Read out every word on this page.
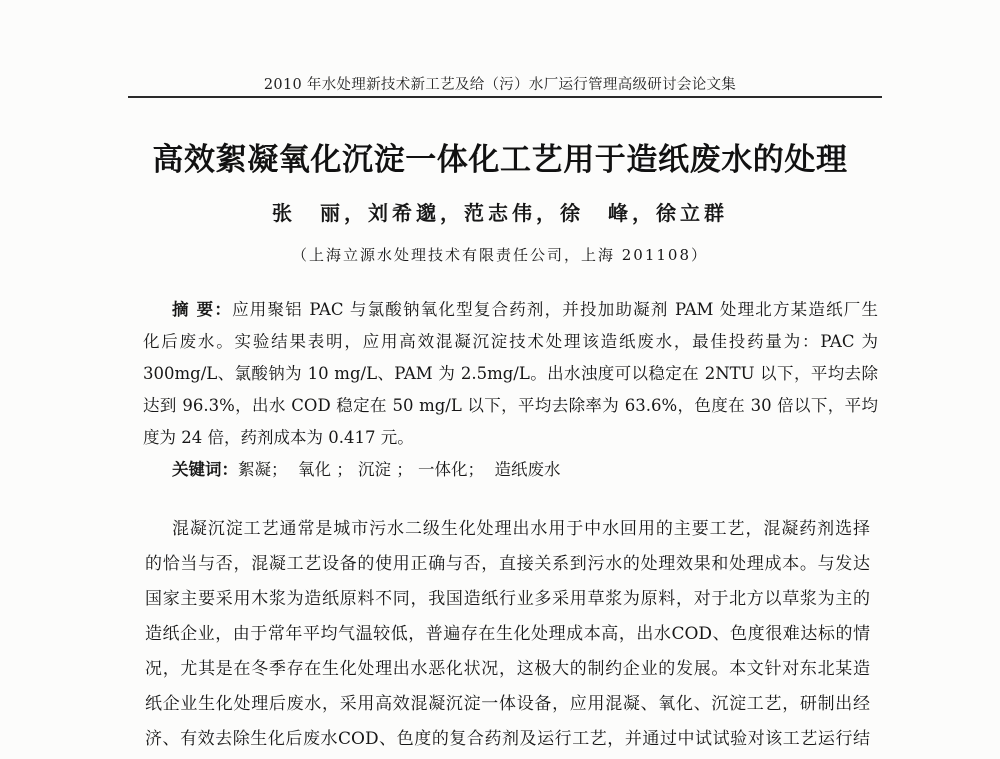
2010 年水处理新技术新工艺及给（污）水厂运行管理高级研讨会论文集
高效絮凝氧化沉淀一体化工艺用于造纸废水的处理
张　丽，刘希邈，范志伟，徐　峰，徐立群
（上海立源水处理技术有限责任公司，上海 201108）
摘 要：应用聚铝 PAC 与氯酸钠氧化型复合药剂，并投加助凝剂 PAM 处理北方某造纸厂生
化后废水。实验结果表明，应用高效混凝沉淀技术处理该造纸废水，最佳投药量为：PAC 为
300mg/L、氯酸钠为 10 mg/L、PAM 为 2.5mg/L。出水浊度可以稳定在 2NTU 以下，平均去除
达到 96.3%，出水 COD 稳定在 50 mg/L 以下，平均去除率为 63.6%，色度在 30 倍以下，平均
度为 24 倍，药剂成本为 0.417 元。
关键词：絮凝；  氧化 ； 沉淀 ； 一体化；  造纸废水
混凝沉淀工艺通常是城市污水二级生化处理出水用于中水回用的主要工艺，混凝药剂选择
的恰当与否，混凝工艺设备的使用正确与否，直接关系到污水的处理效果和处理成本。与发达
国家主要采用木浆为造纸原料不同，我国造纸行业多采用草浆为原料，对于北方以草浆为主的
造纸企业，由于常年平均气温较低，普遍存在生化处理成本高，出水COD、色度很难达标的情
况，尤其是在冬季存在生化处理出水恶化状况，这极大的制约企业的发展。本文针对东北某造
纸企业生化处理后废水，采用高效混凝沉淀一体设备，应用混凝、氧化、沉淀工艺，研制出经
济、有效去除生化后废水COD、色度的复合药剂及运行工艺，并通过中试试验对该工艺运行结
